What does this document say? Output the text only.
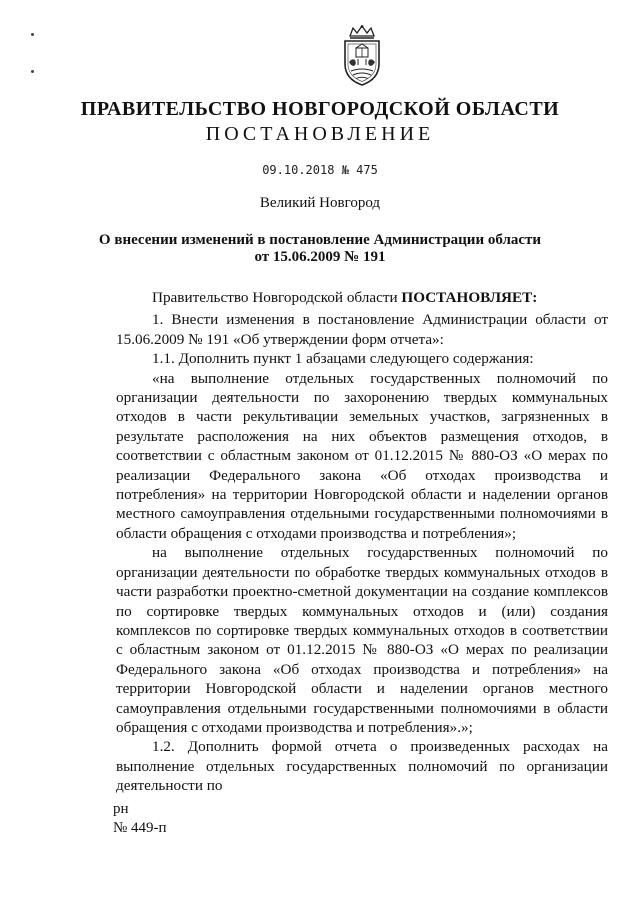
ПРАВИТЕЛЬСТВО НОВГОРОДСКОЙ ОБЛАСТИ
ПОСТАНОВЛЕНИЕ
09.10.2018 № 475
Великий Новгород
О внесении изменений в постановление Администрации области
от 15.06.2009 № 191

Правительство Новгородской области ПОСТАНОВЛЯЕТ:

1. Внести изменения в постановление Администрации области от 15.06.2009 № 191 «Об утверждении форм отчета»:

1.1. Дополнить пункт 1 абзацами следующего содержания:

«на выполнение отдельных государственных полномочий по организации деятельности по захоронению твердых коммунальных отходов в части рекультивации земельных участков, загрязненных в результате расположения на них объектов размещения отходов, в соответствии с областным законом от 01.12.2015 № 880-ОЗ «О мерах по реализации Федерального закона «Об отходах производства и потребления» на территории Новгородской области и наделении органов местного самоуправления отдельными государственными полномочиями в области обращения с отходами производства и потребления»;

на выполнение отдельных государственных полномочий по организации деятельности по обработке твердых коммунальных отходов в части разработки проектно-сметной документации на создание комплексов по сортировке твердых коммунальных отходов и (или) создания комплексов по сортировке твердых коммунальных отходов в соответствии с областным законом от 01.12.2015 № 880-ОЗ «О мерах по реализации Федерального закона «Об отходах производства и потребления» на территории Новгородской области и наделении органов местного самоуправления отдельными государственными полномочиями в области обращения с отходами производства и потребления».»;

1.2. Дополнить формой отчета о произведенных расходах на выполнение отдельных государственных полномочий по организации деятельности по

рн
№ 449-п
